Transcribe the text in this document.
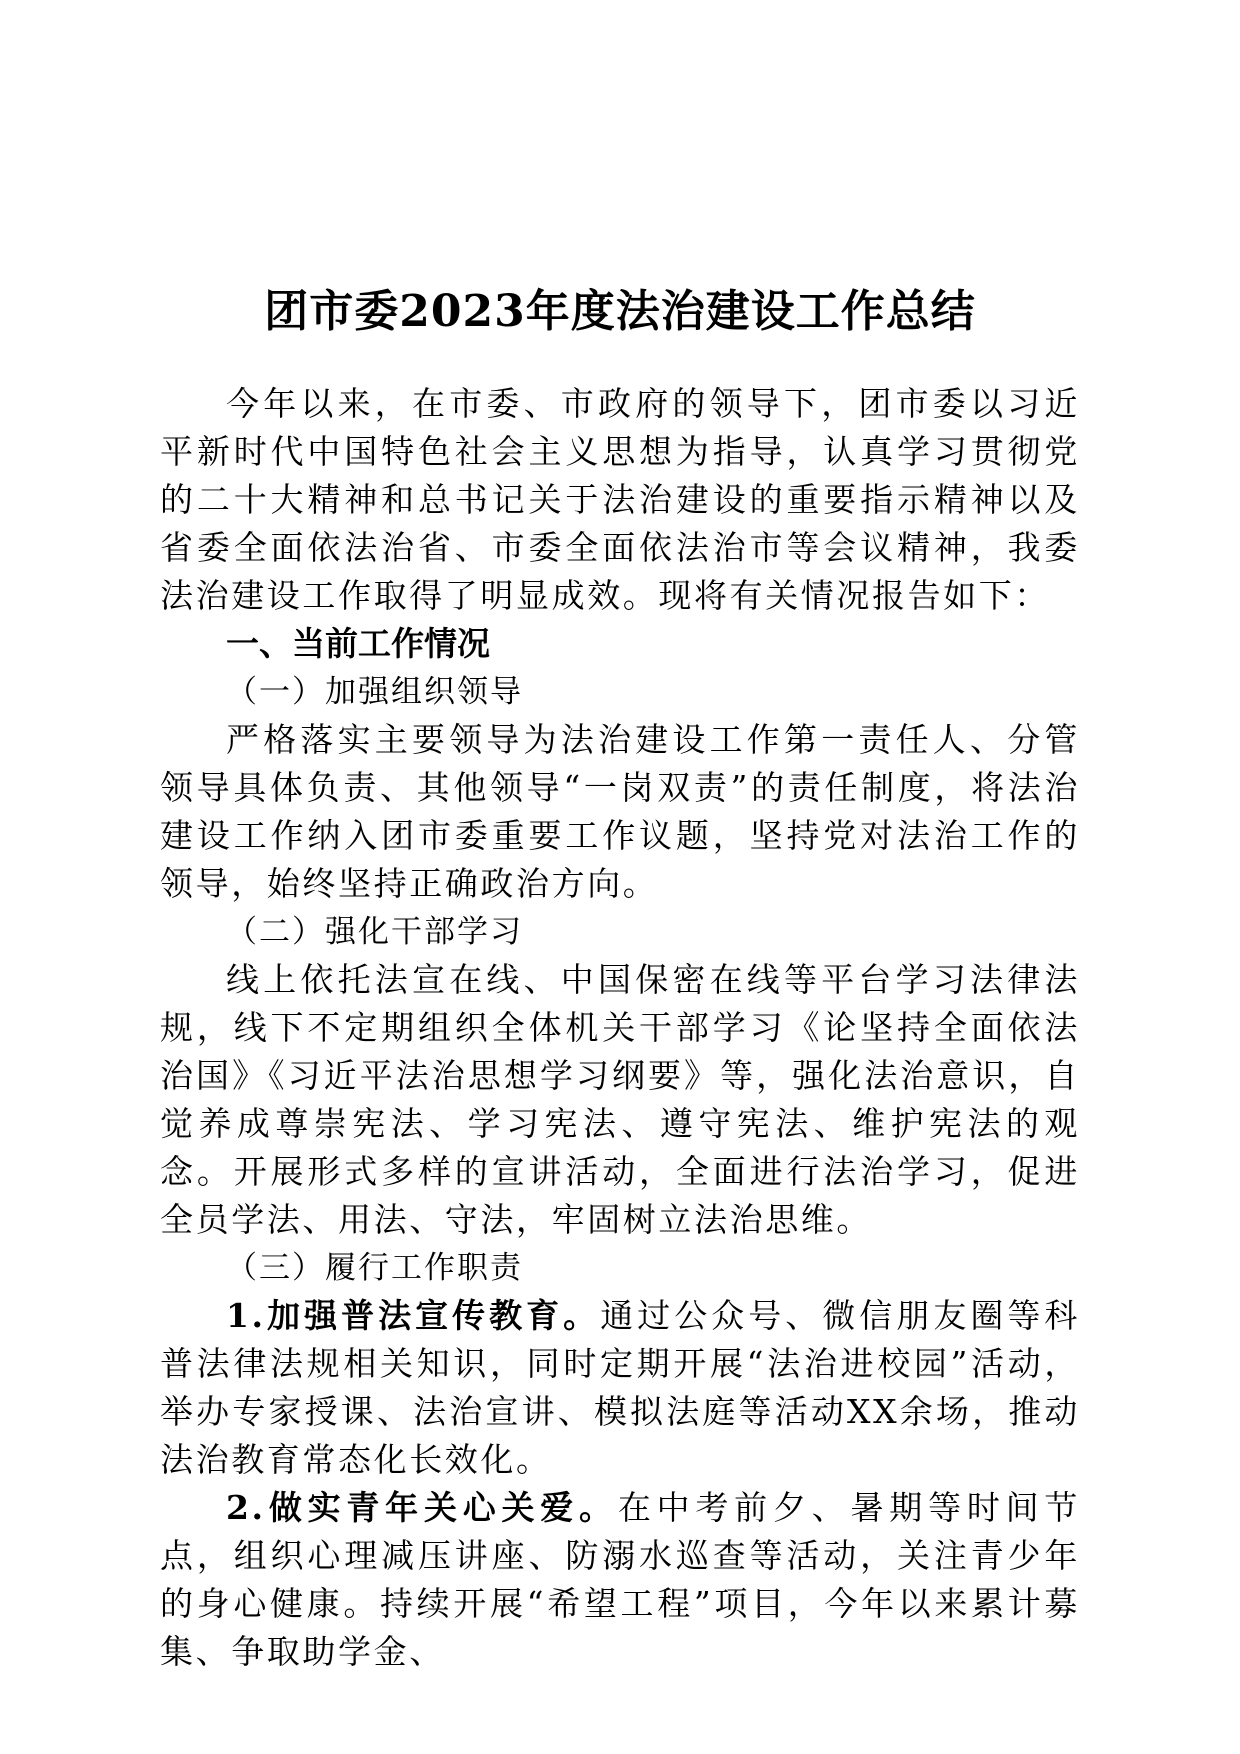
团市委2023年度法治建设工作总结

今年以来，在市委、市政府的领导下，团市委以习近平新时代中国特色社会主义思想为指导，认真学习贯彻党的二十大精神和总书记关于法治建设的重要指示精神以及省委全面依法治省、市委全面依法治市等会议精神，我委法治建设工作取得了明显成效。现将有关情况报告如下：

一、当前工作情况

（一）加强组织领导

严格落实主要领导为法治建设工作第一责任人、分管领导具体负责、其他领导“一岗双责”的责任制度，将法治建设工作纳入团市委重要工作议题，坚持党对法治工作的领导，始终坚持正确政治方向。

（二）强化干部学习

线上依托法宣在线、中国保密在线等平台学习法律法规，线下不定期组织全体机关干部学习《论坚持全面依法治国》《习近平法治思想学习纲要》等，强化法治意识，自觉养成尊崇宪法、学习宪法、遵守宪法、维护宪法的观念。开展形式多样的宣讲活动，全面进行法治学习，促进全员学法、用法、守法，牢固树立法治思维。

（三）履行工作职责

1.加强普法宣传教育。通过公众号、微信朋友圈等科普法律法规相关知识，同时定期开展“法治进校园”活动，举办专家授课、法治宣讲、模拟法庭等活动XX余场，推动法治教育常态化长效化。

2.做实青年关心关爱。在中考前夕、暑期等时间节点，组织心理减压讲座、防溺水巡查等活动，关注青少年的身心健康。持续开展“希望工程”项目，今年以来累计募集、争取助学金、
